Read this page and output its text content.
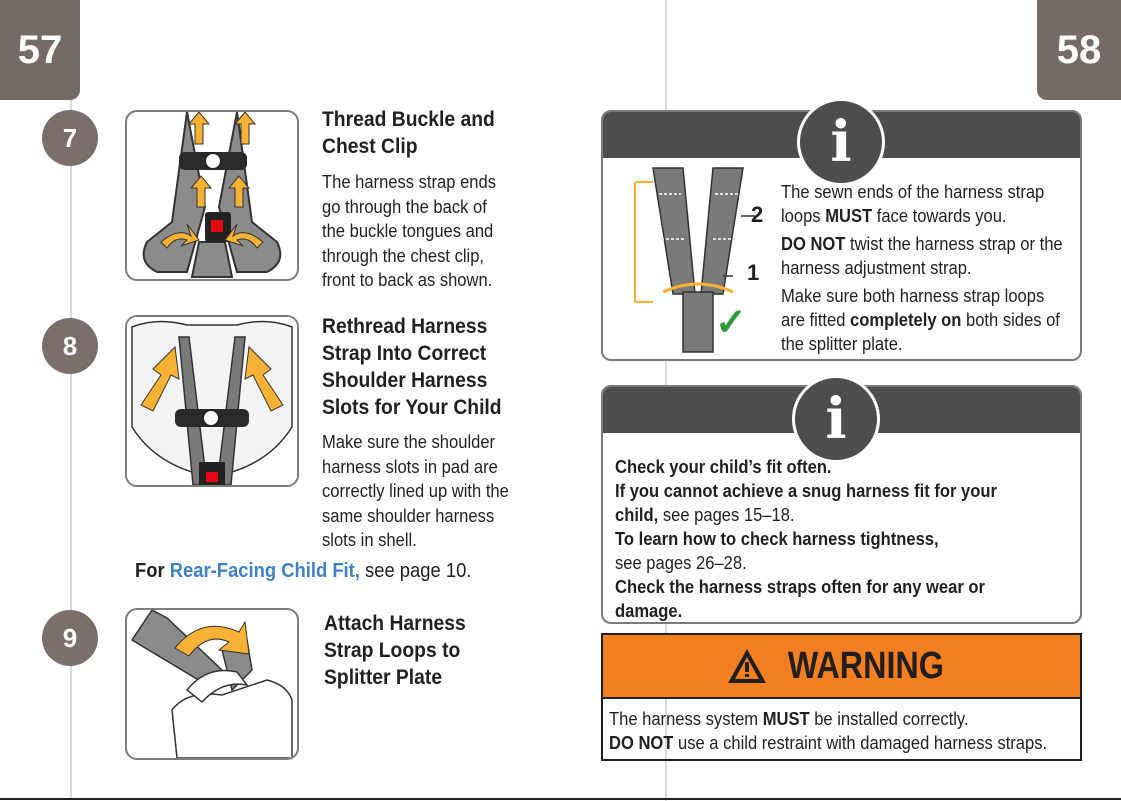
57	58
7
Thread Buckle and
Chest Clip
The harness strap ends
go through the back of
the buckle tongues and
through the chest clip,
front to back as shown.
8
Rethread Harness
Strap Into Correct
Shoulder Harness
Slots for Your Child
Make sure the shoulder
harness slots in pad are
correctly lined up with the
same shoulder harness
slots in shell.
For Rear-Facing Child Fit, see page 10.
9	Attach Harness
Strap Loops to
Splitter Plate
i
2
1
✓

The sewn ends of the harness strap loops MUST face towards you.

DO NOT twist the harness strap or the harness adjustment strap.

Make sure both harness strap loops are fitted completely on both sides of the splitter plate.

i
Check your child’s fit often.
If you cannot achieve a snug harness fit for your child, see pages 15–18.
To learn how to check harness tightness,
see pages 26–28.
Check the harness straps often for any wear or damage.
WARNING
The harness system MUST be installed correctly.
DO NOT use a child restraint with damaged harness straps.
